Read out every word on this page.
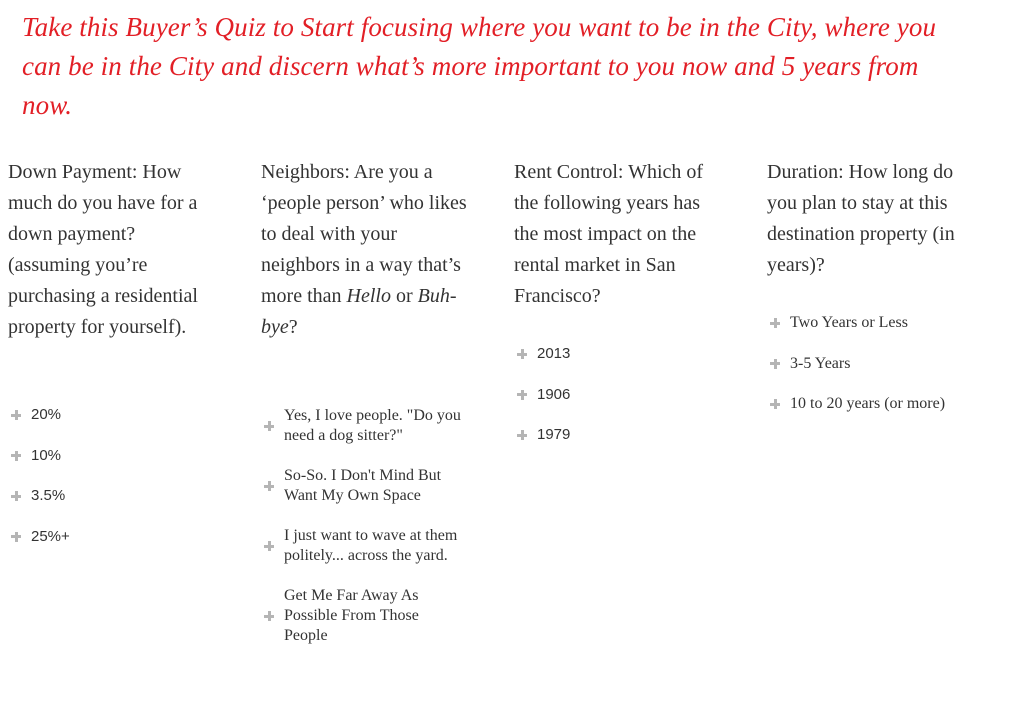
Take this Buyer’s Quiz to Start focusing where you want to be in the City, where you can be in the City and discern what’s more important to you now and 5 years from now.

Down Payment: How much do you have for a down payment? (assuming you’re purchasing a residential property for yourself).

20%
10%
3.5%
25%+

Neighbors: Are you a ‘people person’ who likes to deal with your neighbors in a way that’s more than Hello or Buh-bye?

Yes, I love people. "Do you need a dog sitter?"
So-So. I Don't Mind But Want My Own Space
I just want to wave at them politely... across the yard.
Get Me Far Away As Possible From Those People

Rent Control: Which of the following years has the most impact on the rental market in San Francisco?

2013
1906
1979

Duration: How long do you plan to stay at this destination property (in years)?

Two Years or Less
3-5 Years
10 to 20 years (or more)
